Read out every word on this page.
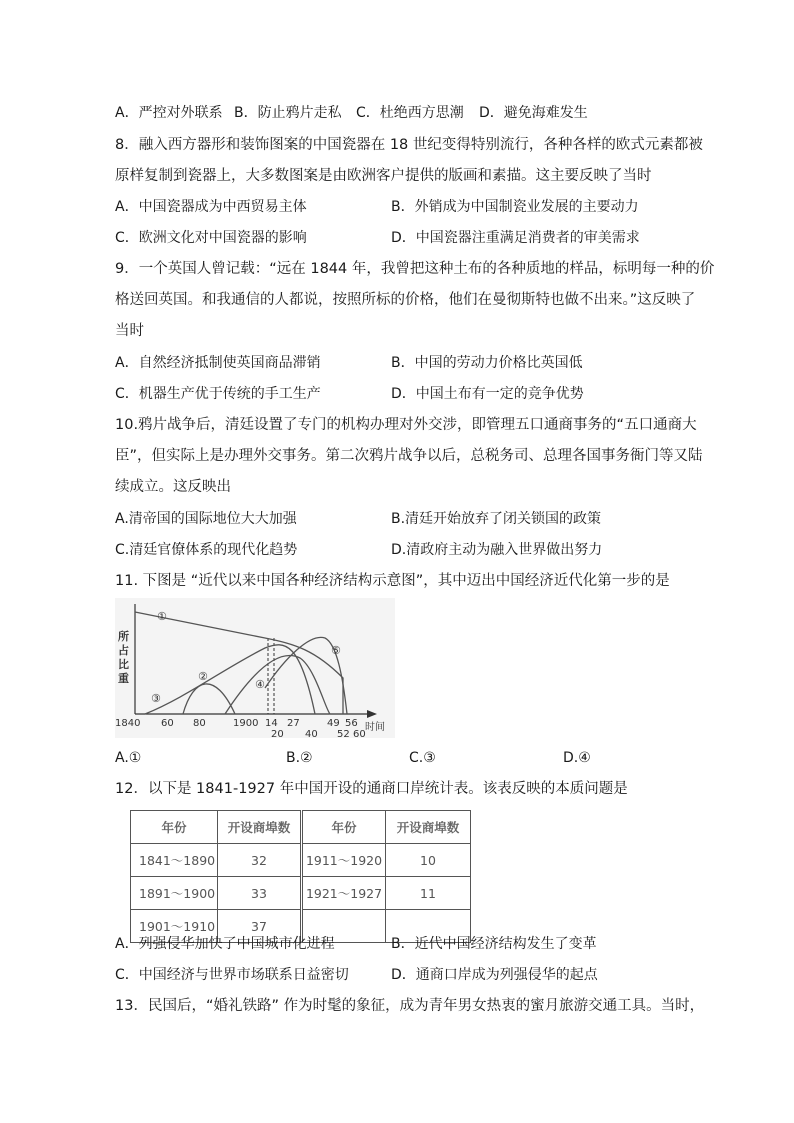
A．严控对外联系 B．防止鸦片走私 C．杜绝西方思潮 D．避免海难发生
8．融入西方器形和装饰图案的中国瓷器在 18 世纪变得特别流行，各种各样的欧式元素都被
原样复制到瓷器上，大多数图案是由欧洲客户提供的版画和素描。这主要反映了当时
A．中国瓷器成为中西贸易主体	B．外销成为中国制瓷业发展的主要动力
C．欧洲文化对中国瓷器的影响	D．中国瓷器注重满足消费者的审美需求
9．一个英国人曾记载：“远在 1844 年，我曾把这种土布的各种质地的样品，标明每一种的价
格送回英国。和我通信的人都说，按照所标的价格，他们在曼彻斯特也做不出来。”这反映了
当时
A．自然经济抵制使英国商品滞销	B．中国的劳动力价格比英国低
C．机器生产优于传统的手工生产	D．中国土布有一定的竞争优势
10.鸦片战争后，清廷设置了专门的机构办理对外交涉，即管理五口通商事务的“五口通商大
臣”，但实际上是办理外交事务。第二次鸦片战争以后，总税务司、总理各国事务衙门等又陆
续成立。这反映出
A.清帝国的国际地位大大加强	B.清廷开始放弃了闭关锁国的政策
C.清廷官僚体系的现代化趋势	D.清政府主动为融入世界做出努力
11. 下图是 “近代以来中国各种经济结构示意图”，其中迈出中国经济近代化第一步的是
所
占
比
重
①
②
③
④
⑤
1840 60 80	1900 14 27	49 56
20 40 52 60
时间
A.①	B.②	C.③	D.④
12．以下是 1841-1927 年中国开设的通商口岸统计表。该表反映的本质问题是
年份	开设商埠数	年份	开设商埠数
1841～1890	32	1911～1920	10
1891～1900	33	1921～1927	11
1901～1910	37		
A．列强侵华加快了中国城市化进程	B．近代中国经济结构发生了变革
C．中国经济与世界市场联系日益密切	D．通商口岸成为列强侵华的起点
13．民国后，“婚礼铁路” 作为时髦的象征，成为青年男女热衷的蜜月旅游交通工具。当时，
